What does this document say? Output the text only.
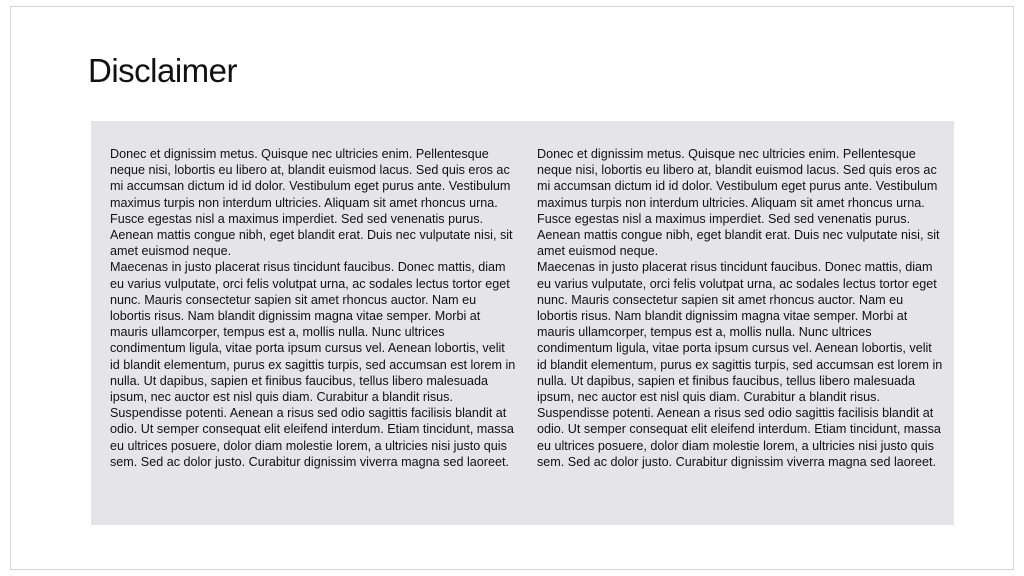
Disclaimer

Donec et dignissim metus. Quisque nec ultricies enim. Pellentesque neque nisi, lobortis eu libero at, blandit euismod lacus. Sed quis eros ac mi accumsan dictum id id dolor. Vestibulum eget purus ante. Vestibulum maximus turpis non interdum ultricies. Aliquam sit amet rhoncus urna. Fusce egestas nisl a maximus imperdiet. Sed sed venenatis purus. Aenean mattis congue nibh, eget blandit erat. Duis nec vulputate nisi, sit amet euismod neque.

Maecenas in justo placerat risus tincidunt faucibus. Donec mattis, diam eu varius vulputate, orci felis volutpat urna, ac sodales lectus tortor eget nunc. Mauris consectetur sapien sit amet rhoncus auctor. Nam eu lobortis risus. Nam blandit dignissim magna vitae semper. Morbi at mauris ullamcorper, tempus est a, mollis nulla. Nunc ultrices condimentum ligula, vitae porta ipsum cursus vel. Aenean lobortis, velit id blandit elementum, purus ex sagittis turpis, sed accumsan est lorem in nulla. Ut dapibus, sapien et finibus faucibus, tellus libero malesuada ipsum, nec auctor est nisl quis diam. Curabitur a blandit risus. Suspendisse potenti. Aenean a risus sed odio sagittis facilisis blandit at odio. Ut semper consequat elit eleifend interdum. Etiam tincidunt, massa eu ultrices posuere, dolor diam molestie lorem, a ultricies nisi justo quis sem. Sed ac dolor justo. Curabitur dignissim viverra magna sed laoreet.

Donec et dignissim metus. Quisque nec ultricies enim. Pellentesque neque nisi, lobortis eu libero at, blandit euismod lacus. Sed quis eros ac mi accumsan dictum id id dolor. Vestibulum eget purus ante. Vestibulum maximus turpis non interdum ultricies. Aliquam sit amet rhoncus urna. Fusce egestas nisl a maximus imperdiet. Sed sed venenatis purus. Aenean mattis congue nibh, eget blandit erat. Duis nec vulputate nisi, sit amet euismod neque.

Maecenas in justo placerat risus tincidunt faucibus. Donec mattis, diam eu varius vulputate, orci felis volutpat urna, ac sodales lectus tortor eget nunc. Mauris consectetur sapien sit amet rhoncus auctor. Nam eu lobortis risus. Nam blandit dignissim magna vitae semper. Morbi at mauris ullamcorper, tempus est a, mollis nulla. Nunc ultrices condimentum ligula, vitae porta ipsum cursus vel. Aenean lobortis, velit id blandit elementum, purus ex sagittis turpis, sed accumsan est lorem in nulla. Ut dapibus, sapien et finibus faucibus, tellus libero malesuada ipsum, nec auctor est nisl quis diam. Curabitur a blandit risus. Suspendisse potenti. Aenean a risus sed odio sagittis facilisis blandit at odio. Ut semper consequat elit eleifend interdum. Etiam tincidunt, massa eu ultrices posuere, dolor diam molestie lorem, a ultricies nisi justo quis sem. Sed ac dolor justo. Curabitur dignissim viverra magna sed laoreet.
